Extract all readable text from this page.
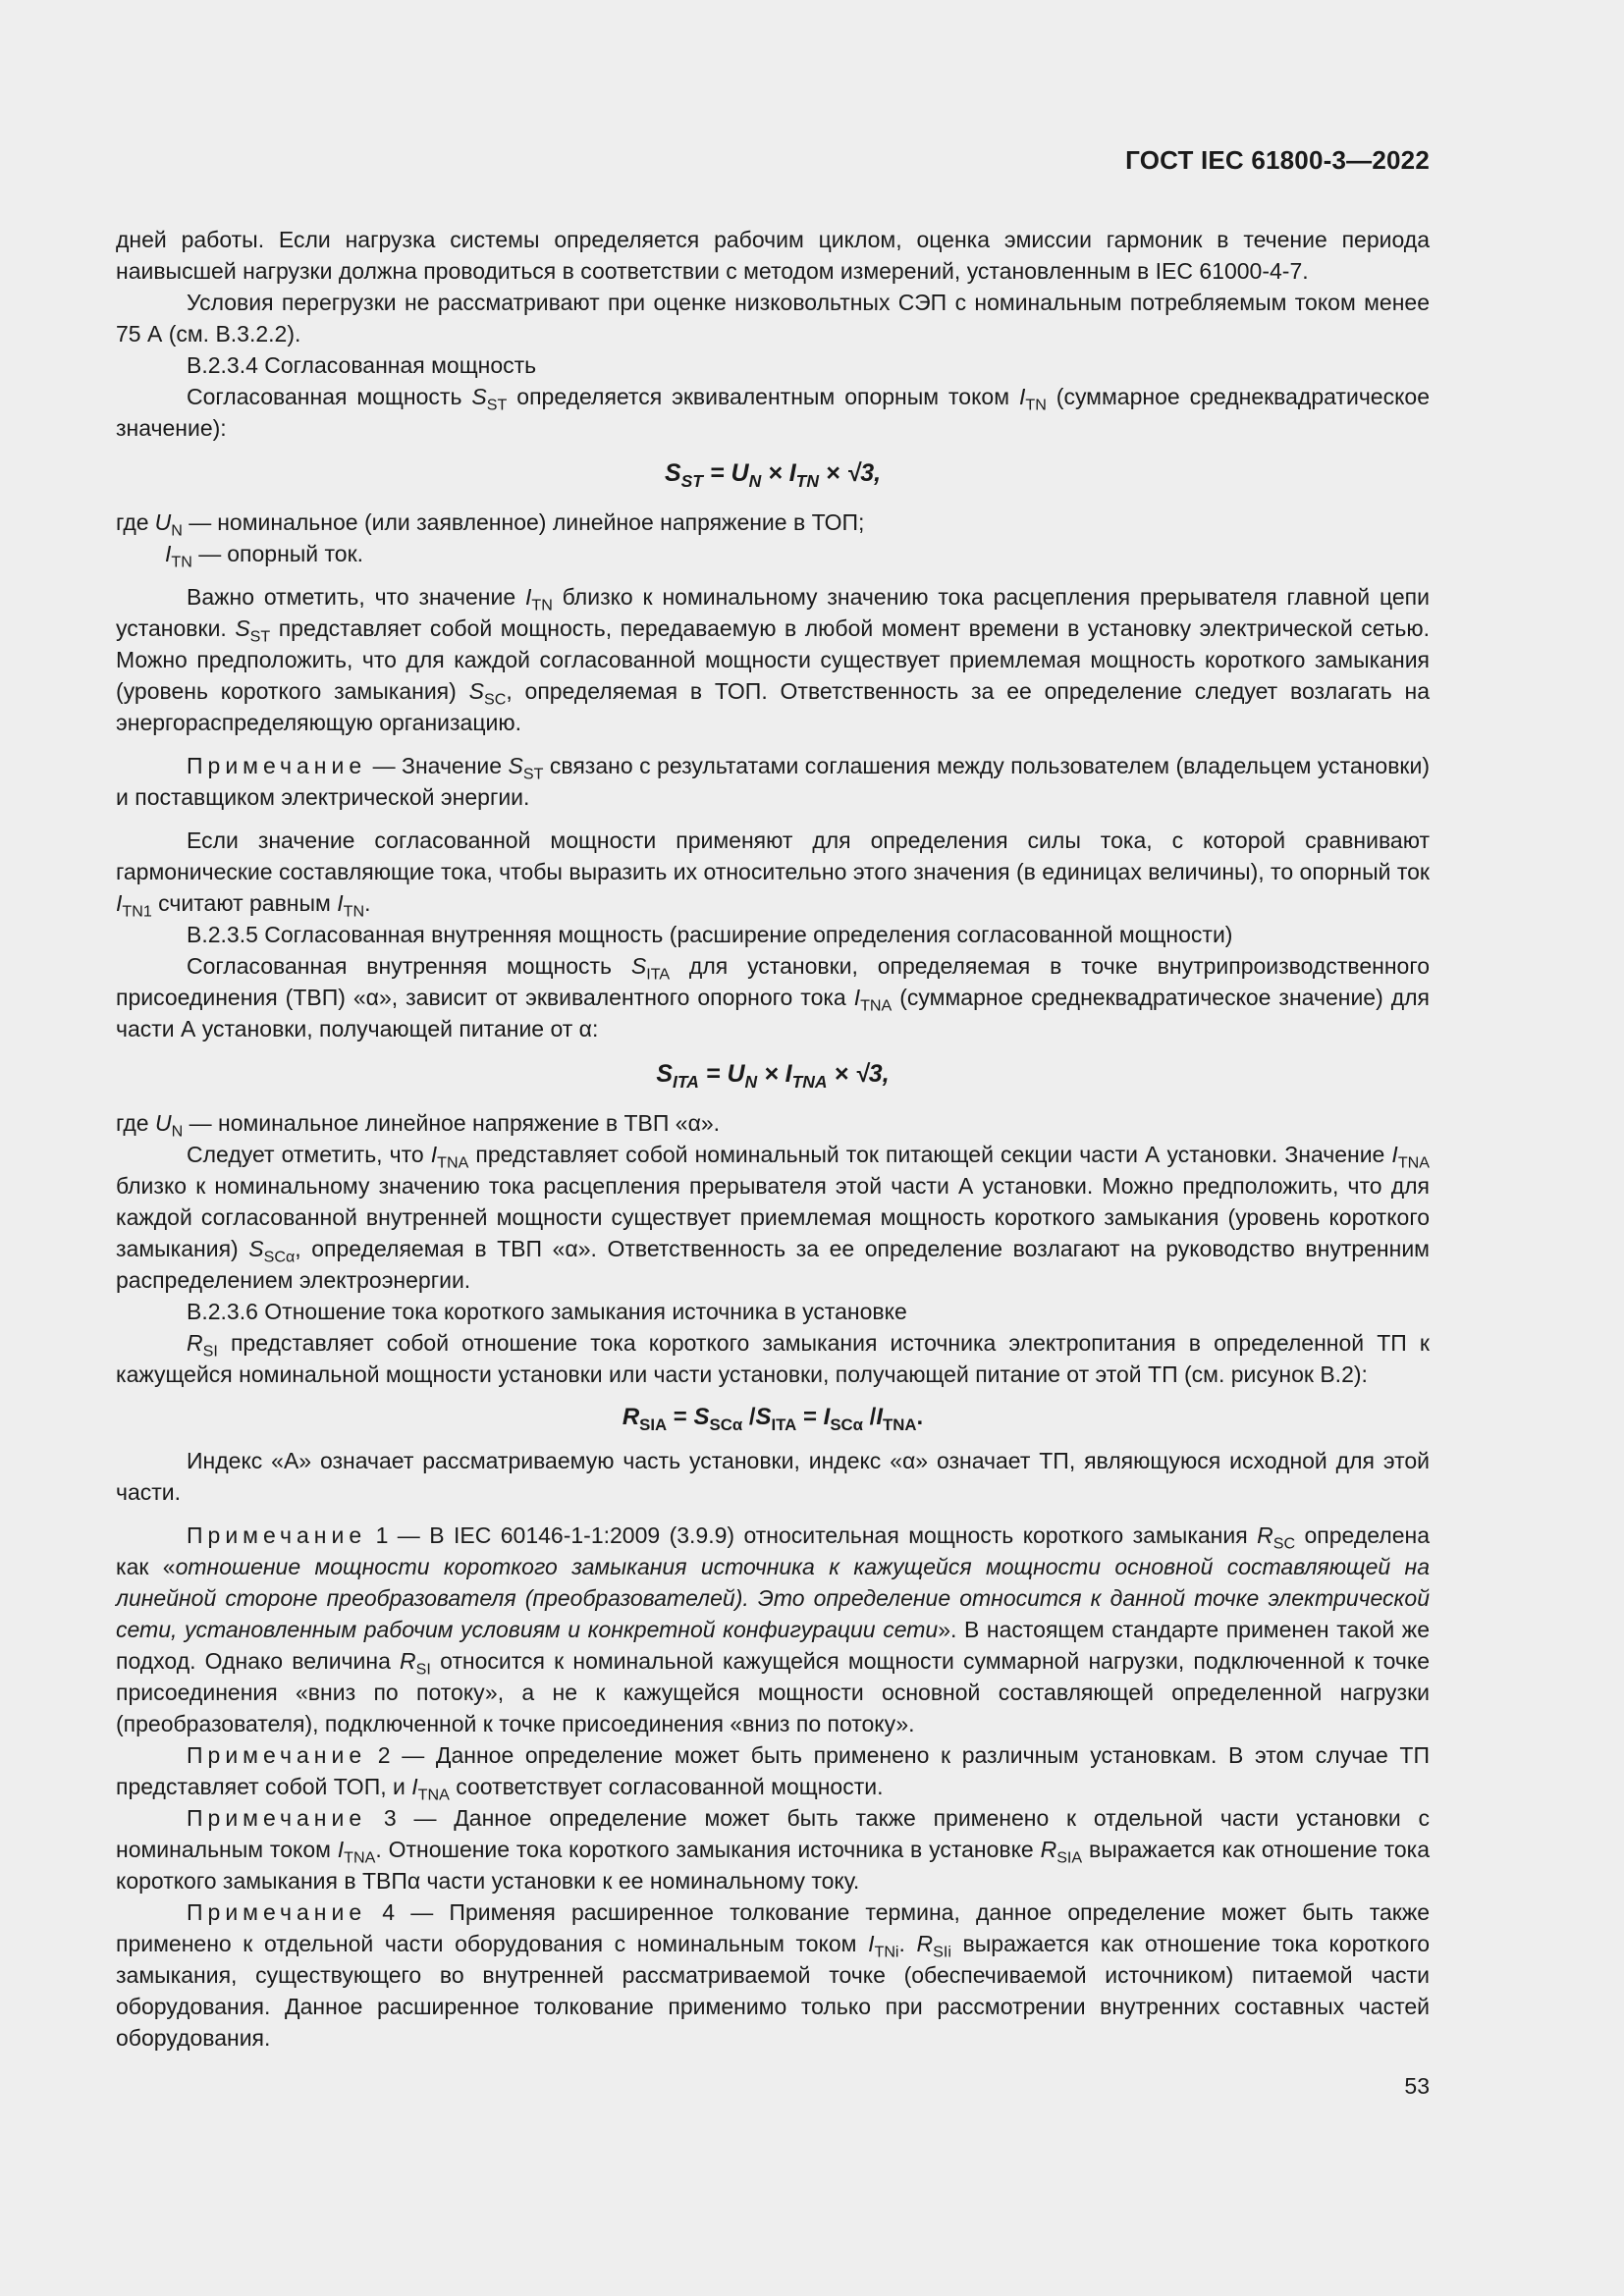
ГОСТ IEC 61800-3—2022

дней работы. Если нагрузка системы определяется рабочим циклом, оценка эмиссии гармоник в течение периода наивысшей нагрузки должна проводиться в соответствии с методом измерений, установленным в IEC 61000-4-7.

Условия перегрузки не рассматривают при оценке низковольтных СЭП с номинальным потребляемым током менее 75 А (см. В.3.2.2).

В.2.3.4 Согласованная мощность

Согласованная мощность $S_{ST}$ определяется эквивалентным опорным током $I_{TN}$ (суммарное среднеквадратическое значение):

$S_{ST} = U_N \times I_{TN} \times √3$,

где $U_N$ — номинальное (или заявленное) линейное напряжение в ТОП;
$I_{TN}$ — опорный ток.

Важно отметить, что значение $I_{TN}$ близко к номинальному значению тока расцепления прерывателя главной цепи установки. $S_{ST}$ представляет собой мощность, передаваемую в любой момент времени в установку электрической сетью. Можно предположить, что для каждой согласованной мощности существует приемлемая мощность короткого замыкания (уровень короткого замыкания) $S_{SC}$, определяемая в ТОП. Ответственность за ее определение следует возлагать на энергораспределяющую организацию.

Примечание — Значение $S_{ST}$ связано с результатами соглашения между пользователем (владельцем установки) и поставщиком электрической энергии.

Если значение согласованной мощности применяют для определения силы тока, с которой сравнивают гармонические составляющие тока, чтобы выразить их относительно этого значения (в единицах величины), то опорный ток $I_{TN1}$ считают равным $I_{TN}$.

В.2.3.5 Согласованная внутренняя мощность (расширение определения согласованной мощности)

Согласованная внутренняя мощность $S_{ITA}$ для установки, определяемая в точке внутрипроизводственного присоединения (ТВП) «α», зависит от эквивалентного опорного тока $I_{TNA}$ (суммарное среднеквадратическое значение) для части А установки, получающей питание от α:

$S_{ITA} = U_N \times I_{TNA} \times √3$,

где $U_N$ — номинальное линейное напряжение в ТВП «α».

Следует отметить, что $I_{TNA}$ представляет собой номинальный ток питающей секции части А установки. Значение $I_{TNA}$ близко к номинальному значению тока расцепления прерывателя этой части А установки. Можно предположить, что для каждой согласованной внутренней мощности существует приемлемая мощность короткого замыкания (уровень короткого замыкания) $S_{SC\alpha}$, определяемая в ТВП «α». Ответственность за ее определение возлагают на руководство внутренним распределением электроэнергии.

В.2.3.6 Отношение тока короткого замыкания источника в установке

$R_{SI}$ представляет собой отношение тока короткого замыкания источника электропитания в определенной ТП к кажущейся номинальной мощности установки или части установки, получающей питание от этой ТП (см. рисунок В.2):

$R_{SIA} = S_{SC\alpha}$ $/S_{ITA} = I_{SC\alpha}$ $/I_{TNA}$.

Индекс «А» означает рассматриваемую часть установки, индекс «α» означает ТП, являющуюся исходной для этой части.

Примечание 1 — В IEC 60146-1-1:2009 (3.9.9) относительная мощность короткого замыкания $R_{SC}$ определена как «отношение мощности короткого замыкания источника к кажущейся мощности основной составляющей на линейной стороне преобразователя (преобразователей). Это определение относится к данной точке электрической сети, установленным рабочим условиям и конкретной конфигурации сети». В настоящем стандарте применен такой же подход. Однако величина $R_{SI}$ относится к номинальной кажущейся мощности суммарной нагрузки, подключенной к точке присоединения «вниз по потоку», а не к кажущейся мощности основной составляющей определенной нагрузки (преобразователя), подключенной к точке присоединения «вниз по потоку».

Примечание 2 — Данное определение может быть применено к различным установкам. В этом случае ТП представляет собой ТОП, и $I_{TNA}$ соответствует согласованной мощности.

Примечание 3 — Данное определение может быть также применено к отдельной части установки с номинальным током $I_{TNA}$. Отношение тока короткого замыкания источника в установке $R_{SIA}$ выражается как отношение тока короткого замыкания в ТВПα части установки к ее номинальному току.

Примечание 4 — Применяя расширенное толкование термина, данное определение может быть также применено к отдельной части оборудования с номинальным током $I_{TNi}$. $R_{SIi}$ выражается как отношение тока короткого замыкания, существующего во внутренней рассматриваемой точке (обеспечиваемой источником) питаемой части оборудования. Данное расширенное толкование применимо только при рассмотрении внутренних составных частей оборудования.

53
